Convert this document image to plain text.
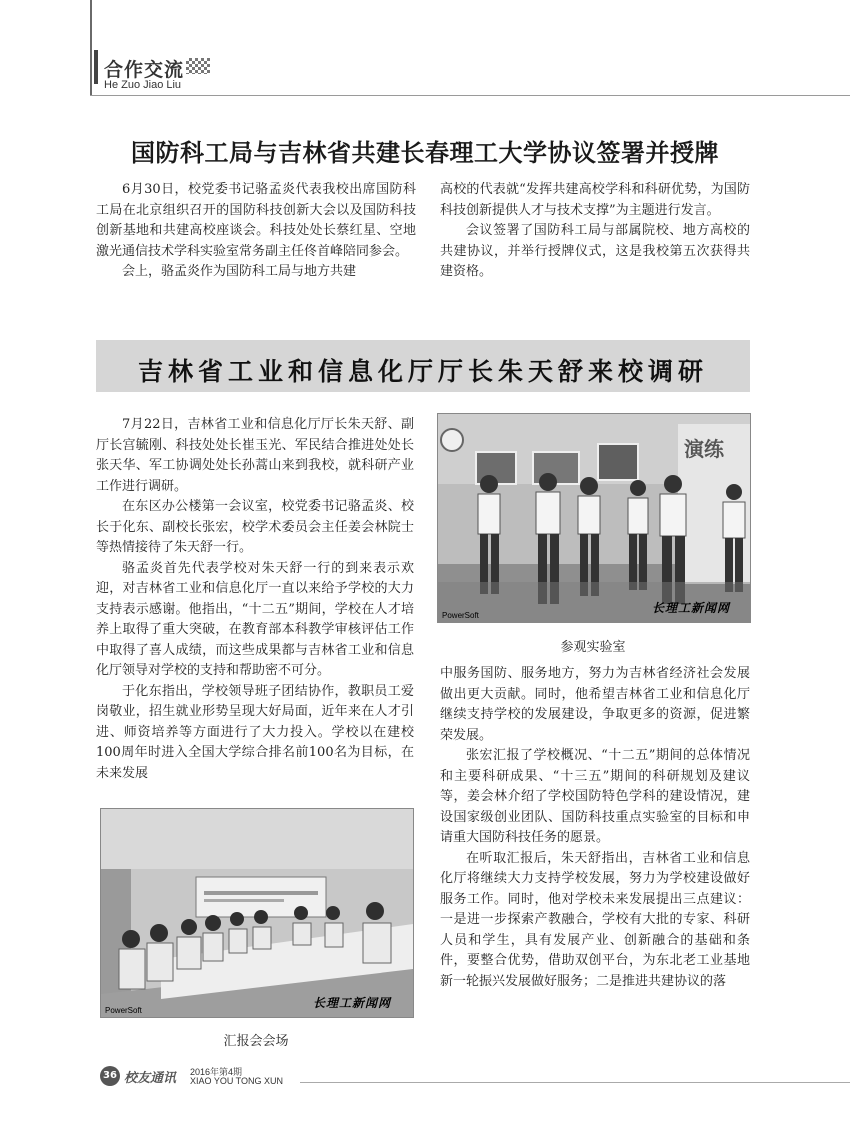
合作交流
He Zuo Jiao Liu
国防科工局与吉林省共建长春理工大学协议签署并授牌

6月30日，校党委书记骆孟炎代表我校出席国防科工局在北京组织召开的国防科技创新大会以及国防科技创新基地和共建高校座谈会。科技处处长蔡红星、空地激光通信技术学科实验室常务副主任佟首峰陪同参会。

会上，骆孟炎作为国防科工局与地方共建

高校的代表就“发挥共建高校学科和科研优势，为国防科技创新提供人才与技术支撑”为主题进行发言。

会议签署了国防科工局与部属院校、地方高校的共建协议，并举行授牌仪式，这是我校第五次获得共建资格。

吉林省工业和信息化厅厅长朱天舒来校调研

7月22日，吉林省工业和信息化厅厅长朱天舒、副厅长宫毓刚、科技处处长崔玉光、军民结合推进处处长张天华、军工协调处处长孙蒿山来到我校，就科研产业工作进行调研。

在东区办公楼第一会议室，校党委书记骆孟炎、校长于化东、副校长张宏，校学术委员会主任姜会林院士等热情接待了朱天舒一行。

骆孟炎首先代表学校对朱天舒一行的到来表示欢迎，对吉林省工业和信息化厅一直以来给予学校的大力支持表示感谢。他指出，“十二五”期间，学校在人才培养上取得了重大突破，在教育部本科教学审核评估工作中取得了喜人成绩，而这些成果都与吉林省工业和信息化厅领导对学校的支持和帮助密不可分。

于化东指出，学校领导班子团结协作，教职员工爱岗敬业，招生就业形势呈现大好局面，近年来在人才引进、师资培养等方面进行了大力投入。学校以在建校100周年时进入全国大学综合排名前100名为目标，在未来发展

演练
PowerSoft
长理工新闻网
参观实验室

中服务国防、服务地方，努力为吉林省经济社会发展做出更大贡献。同时，他希望吉林省工业和信息化厅继续支持学校的发展建设，争取更多的资源，促进繁荣发展。

张宏汇报了学校概况、“十二五”期间的总体情况和主要科研成果、“十三五”期间的科研规划及建议等，姜会林介绍了学校国防特色学科的建设情况，建设国家级创业团队、国防科技重点实验室的目标和申请重大国防科技任务的愿景。

在听取汇报后，朱天舒指出，吉林省工业和信息化厅将继续大力支持学校发展，努力为学校建设做好服务工作。同时，他对学校未来发展提出三点建议：一是进一步探索产教融合，学校有大批的专家、科研人员和学生，具有发展产业、创新融合的基础和条件，要整合优势，借助双创平台，为东北老工业基地新一轮振兴发展做好服务；二是推进共建协议的落

PowerSoft
长理工新闻网
汇报会会场
36 校友通讯 2016年第4期
XIAO YOU TONG XUN
